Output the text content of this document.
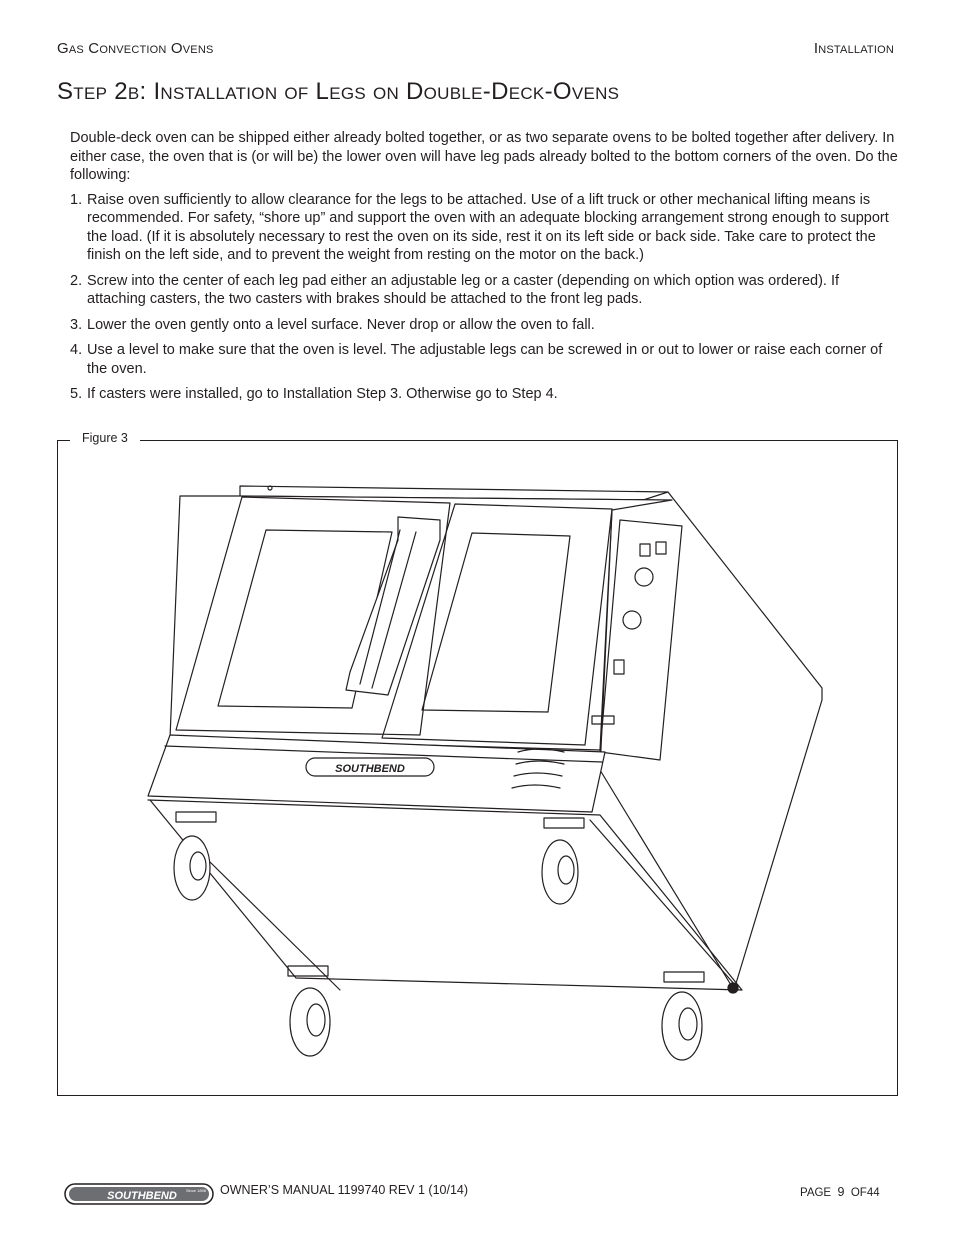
Gas Convection Ovens	Installation
Step 2b: Installation of Legs on Double-Deck-Ovens

Double-deck oven can be shipped either already bolted together, or as two separate ovens to be bolted together after delivery. In either case, the oven that is (or will be) the lower oven will have leg pads already bolted to the bottom corners of the oven. Do the following:

1. Raise oven sufficiently to allow clearance for the legs to be attached. Use of a lift truck or other mechanical lifting means is recommended. For safety, “shore up” and support the oven with an adequate blocking arrangement strong enough to support the load. (If it is absolutely necessary to rest the oven on its side, rest it on its left side or back side. Take care to protect the finish on the left side, and to prevent the weight from resting on the motor on the back.)
2. Screw into the center of each leg pad either an adjustable leg or a caster (depending on which option was ordered). If attaching casters, the two casters with brakes should be attached to the front leg pads.
3. Lower the oven gently onto a level surface. Never drop or allow the oven to fall.
4. Use a level to make sure that the oven is level. The adjustable legs can be screwed in or out to lower or raise each corner of the oven.
5. If casters were installed, go to Installation Step 3. Otherwise go to Step 4.
Figure 3
SOUTHBEND
SOUTHBEND Since 1898 OWNER’S MANUAL 1199740 REV 1 (10/14)	PAGE 9 OF44
